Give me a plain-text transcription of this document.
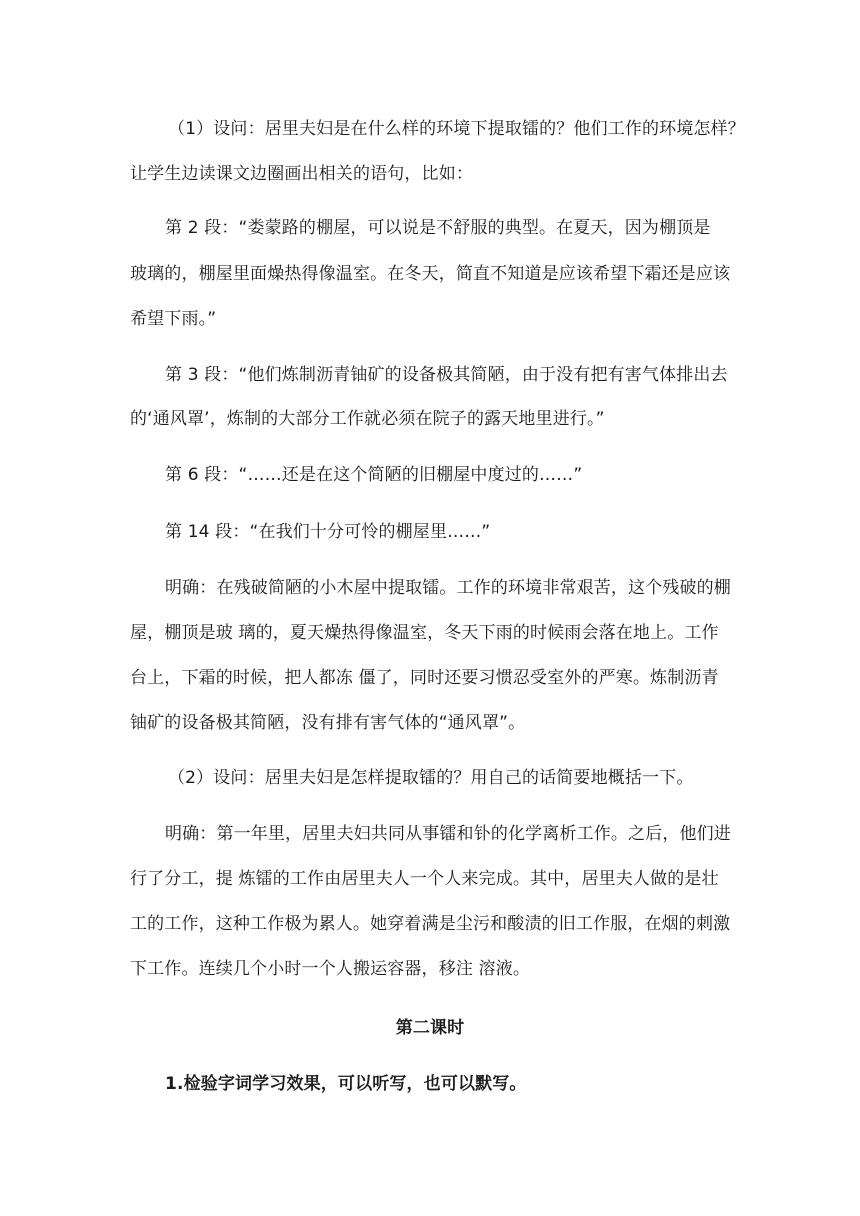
（1）设问：居里夫妇是在什么样的环境下提取镭的？他们工作的环境怎样？
让学生边读课文边圈画出相关的语句，比如：
第 2 段：“娄蒙路的棚屋，可以说是不舒服的典型。在夏天，因为棚顶是
玻璃的，棚屋里面燥热得像温室。在冬天，简直不知道是应该希望下霜还是应该
希望下雨。”
第 3 段：“他们炼制沥青铀矿的设备极其简陋，由于没有把有害气体排出去
的‘通风罩’，炼制的大部分工作就必须在院子的露天地里进行。”
第 6 段：“……还是在这个简陋的旧棚屋中度过的……”
第 14 段：“在我们十分可怜的棚屋里……”
明确：在残破简陋的小木屋中提取镭。工作的环境非常艰苦，这个残破的棚
屋，棚顶是玻 璃的，夏天燥热得像温室，冬天下雨的时候雨会落在地上。工作
台上，下霜的时候，把人都冻 僵了，同时还要习惯忍受室外的严寒。炼制沥青
铀矿的设备极其简陋，没有排有害气体的“通风罩”。
（2）设问：居里夫妇是怎样提取镭的？用自己的话简要地概括一下。
明确：第一年里，居里夫妇共同从事镭和钋的化学离析工作。之后，他们进
行了分工，提 炼镭的工作由居里夫人一个人来完成。其中，居里夫人做的是壮
工的工作，这种工作极为累人。她穿着满是尘污和酸渍的旧工作服，在烟的刺激
下工作。连续几个小时一个人搬运容器，移注 溶液。
第二课时
1.检验字词学习效果，可以听写，也可以默写。
